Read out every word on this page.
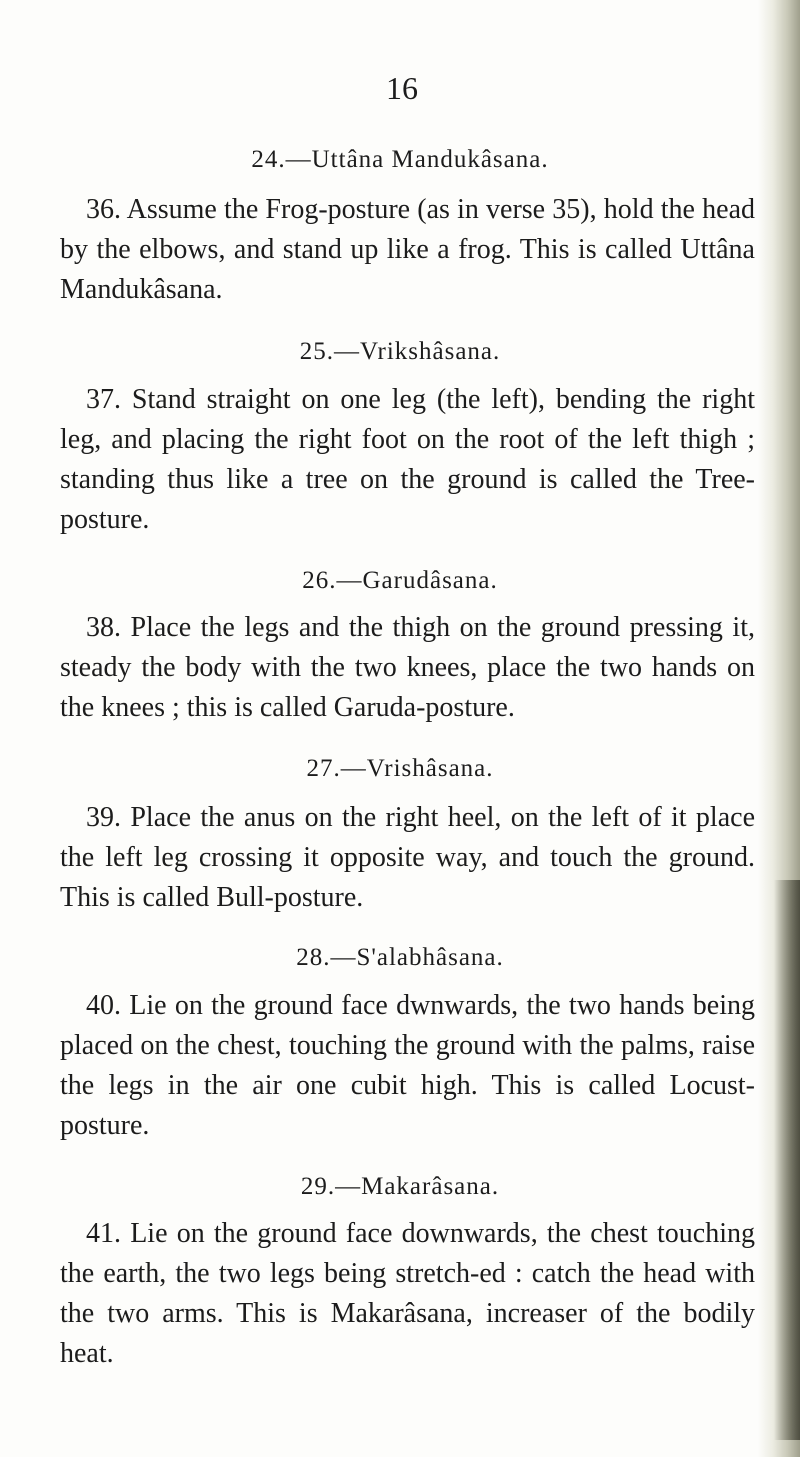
16
24.—Uttâna Mandukâsana.

36. Assume the Frog-posture (as in verse 35), hold the head by the elbows, and stand up like a frog. This is called Uttâna Mandukâsana.

25.—Vrikshâsana.

37. Stand straight on one leg (the left), bending the right leg, and placing the right foot on the root of the left thigh ; standing thus like a tree on the ground is called the Tree-posture.

26.—Garudâsana.

38. Place the legs and the thigh on the ground pressing it, steady the body with the two knees, place the two hands on the knees ; this is called Garuda-posture.

27.—Vrishâsana.

39. Place the anus on the right heel, on the left of it place the left leg crossing it opposite way, and touch the ground. This is called Bull-posture.

28.—S'alabhâsana.

40. Lie on the ground face dwnwards, the two hands being placed on the chest, touching the ground with the palms, raise the legs in the air one cubit high. This is called Locust-posture.

29.—Makarâsana.

41. Lie on the ground face downwards, the chest touching the earth, the two legs being stretch-ed : catch the head with the two arms. This is Makarâsana, increaser of the bodily heat.
